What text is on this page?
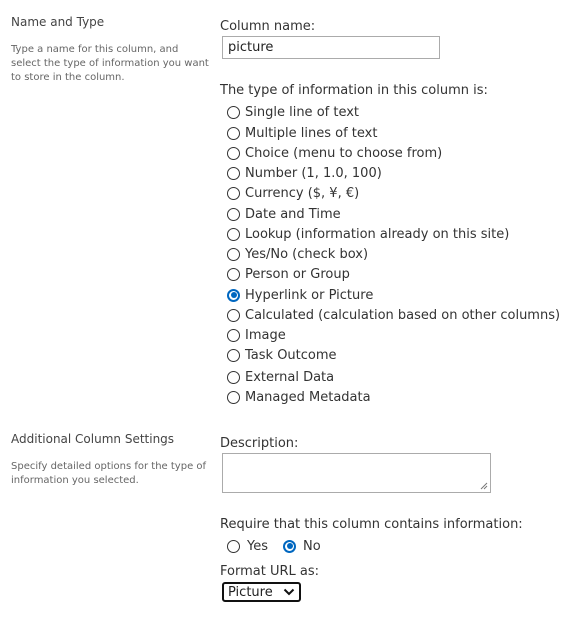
Name and Type
Type a name for this column, and select the type of information you want to store in the column.
Column name:
picture
The type of information in this column is:
Single line of text
Multiple lines of text
Choice (menu to choose from)
Number (1, 1.0, 100)
Currency ($, ¥, €)
Date and Time
Lookup (information already on this site)
Yes/No (check box)
Person or Group
Hyperlink or Picture
Calculated (calculation based on other columns)
Image
Task Outcome
External Data
Managed Metadata
Additional Column Settings
Specify detailed options for the type of information you selected.
Description:
Require that this column contains information:
Yes	No
Format URL as:
Picture
